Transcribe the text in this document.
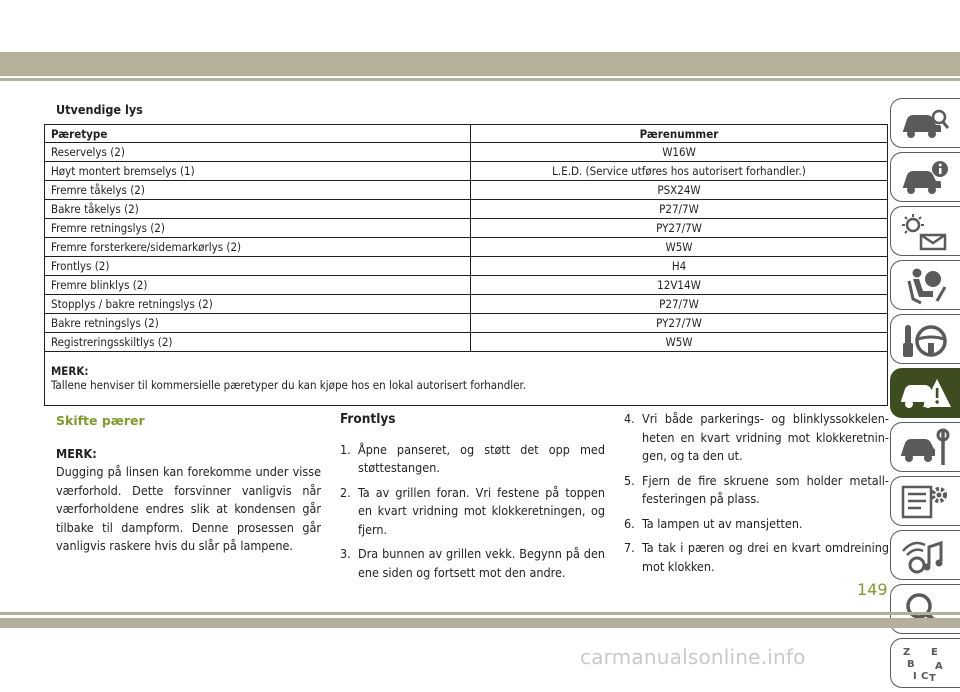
Utvendige lys
Pæretype	Pærenummer
Reservelys (2)	W16W
Høyt montert bremselys (1)	L.E.D. (Service utføres hos autorisert forhandler.)
Fremre tåkelys (2)	PSX24W
Bakre tåkelys (2)	P27/7W
Fremre retningslys (2)	PY27/7W
Fremre forsterkere/sidemarkørlys (2)	W5W
Frontlys (2)	H4
Fremre blinklys (2)	12V14W
Stopplys / bakre retningslys (2)	P27/7W
Bakre retningslys (2)	PY27/7W
Registreringsskiltlys (2)	W5W

MERK:
Tallene henviser til kommersielle pæretyper du kan kjøpe hos en lokal autorisert forhandler.	
Skifte pærer
MERK:
Dugging på linsen kan forekomme under visse værforhold. Dette forsvinner vanligvis når værforholdene endres slik at kondensen går tilbake til dampform. Denne prosessen går vanligvis raskere hvis du slår på lampene.
Frontlys
1. Åpne panseret, og støtt det opp med støttestangen.
2. Ta av grillen foran. Vri festene på toppen en kvart vridning mot klokkeretningen, og fjern.
3. Dra bunnen av grillen vekk. Begynn på den ene siden og fortsett mot den andre.
4. Vri både parkerings- og blinklyssokkelen-heten en kvart vridning mot klokkeretnin-gen, og ta den ut.
5. Fjern de fire skruene som holder metall-festeringen på plass.
6. Ta lampen ut av mansjetten.
7. Ta tak i pæren og drei en kvart omdreining mot klokken.
Z E
B A
I C T
149
carmanualsonline.info
